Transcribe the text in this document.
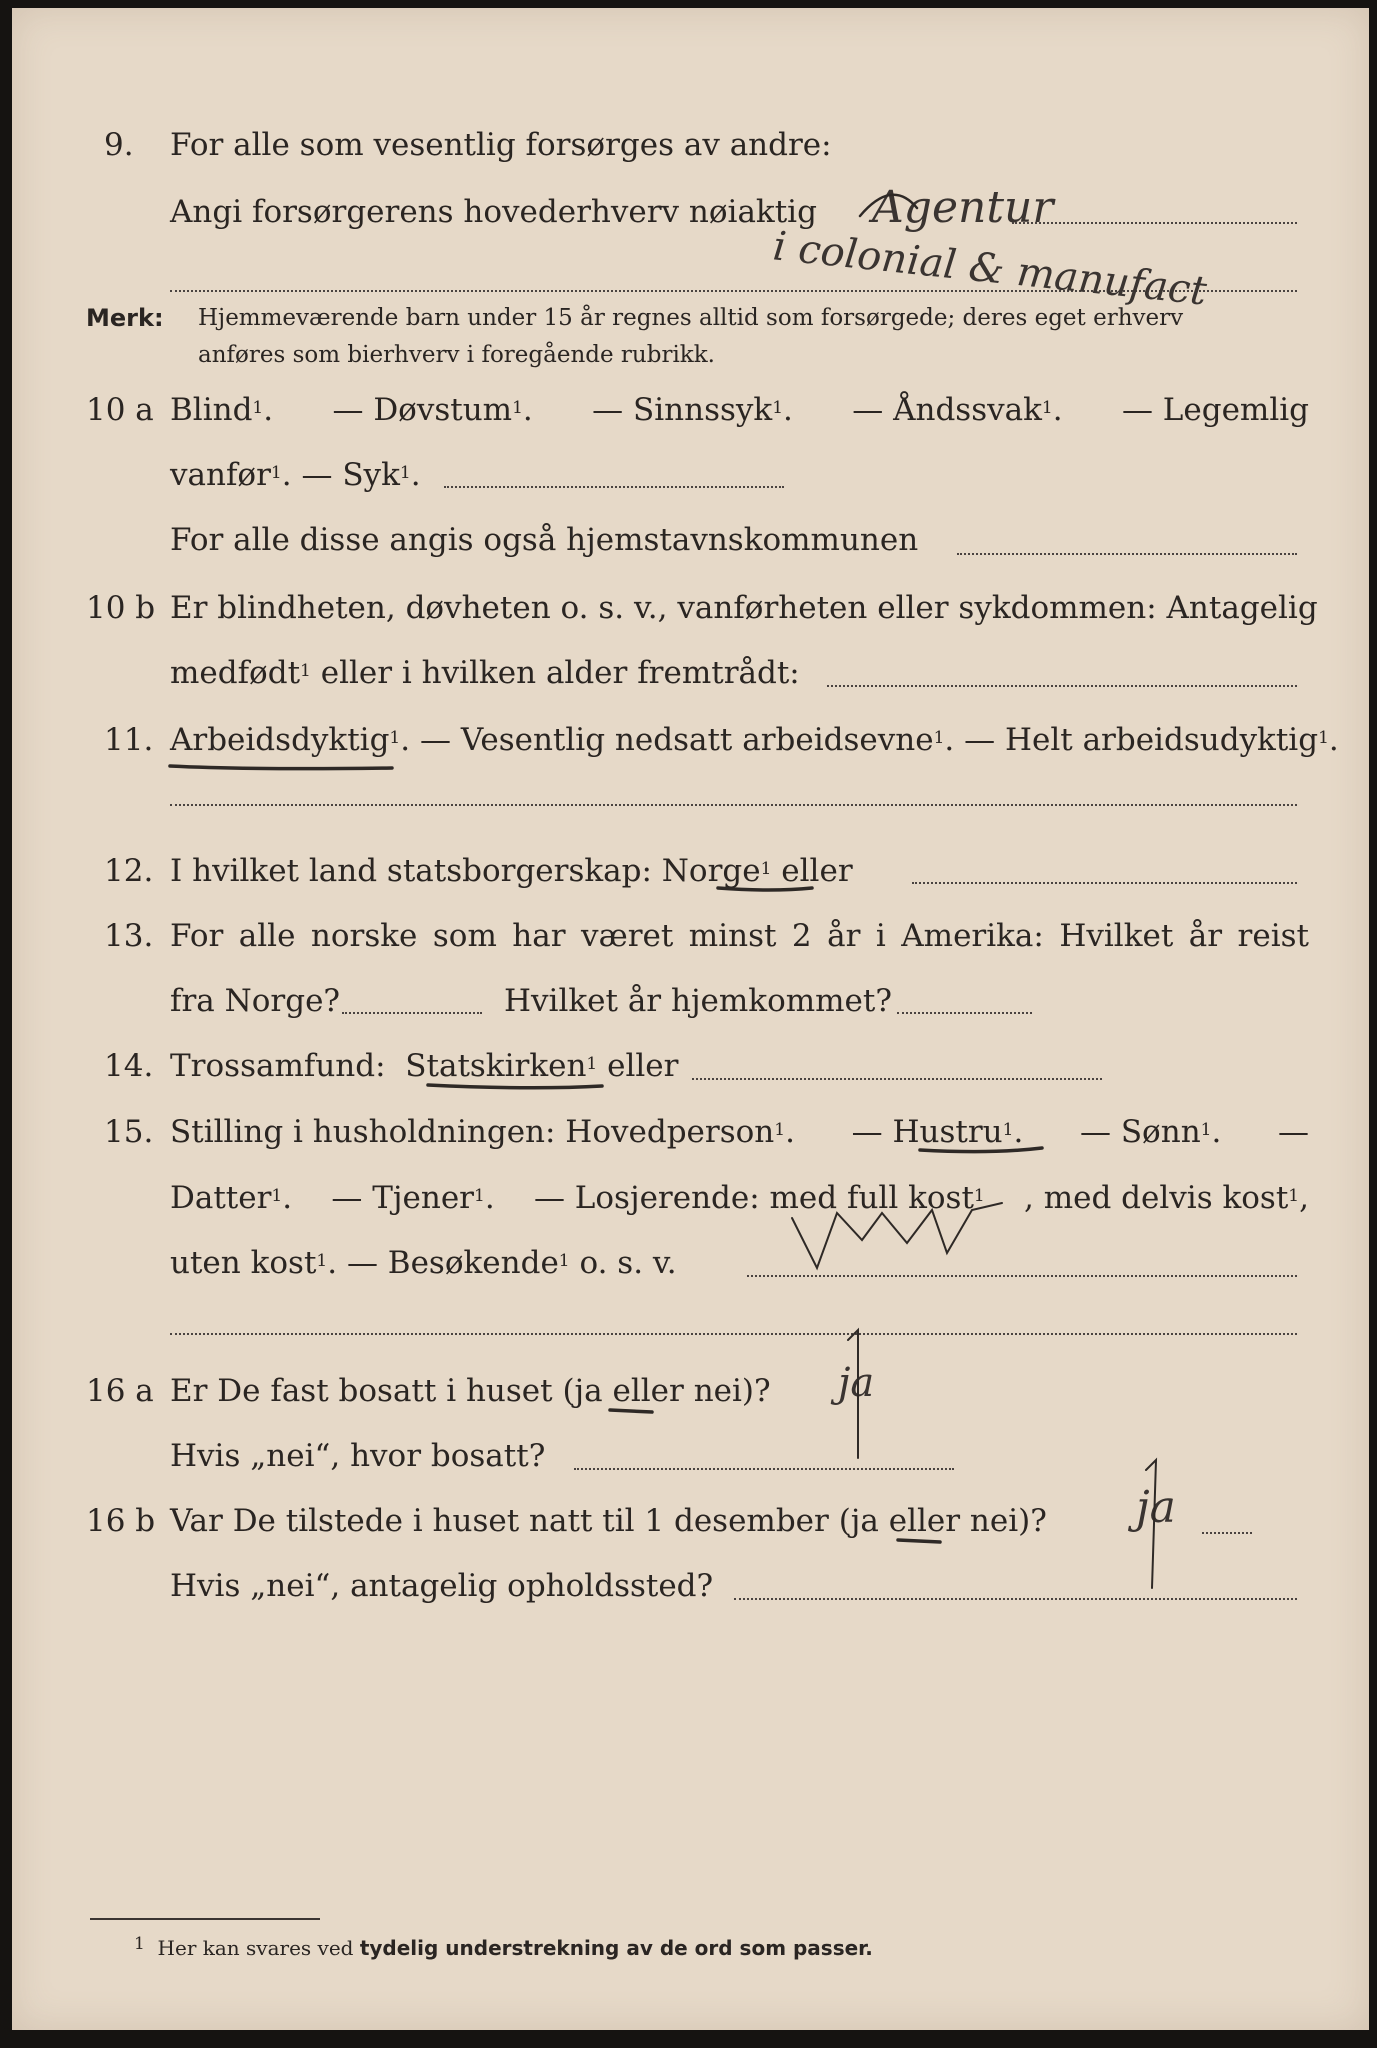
9. For alle som vesentlig forsørges av andre:
Angi forsørgerens hovederhverv nøiaktig Agentur
i colonial & manufact
Merk: Hjemmeværende barn under 15 år regnes alltid som forsørgede; deres eget erhverv
anføres som bierhverv i foregående rubrikk.
10 a Blind$^1$. — Døvstum$^1$. — Sinnssyk$^1$. — Åndssvak$^1$. — Legemlig
vanfør$^1$. — Syk$^1$.
For alle disse angis også hjemstavnskommunen
10 b Er blindheten, døvheten o. s. v., vanførheten eller sykdommen: Antagelig
medfødt$^1$ eller i hvilken alder fremtrådt:
11. Arbeidsdyktig$^1$. — Vesentlig nedsatt arbeidsevne$^1$. — Helt arbeidsudyktig$^1$.
12. I hvilket land statsborgerskap: Norge$^1$ eller
13. For alle norske som har været minst 2 år i Amerika: Hvilket år reist
fra Norge?	Hvilket år hjemkommet?
14. Trossamfund: Statskirken$^1$ eller
15. Stilling i husholdningen: Hovedperson$^1$. — Hustru$^1$. — Sønn$^1$. —
Datter$^1$. — Tjener$^1$. — Losjerende: med full kost$^1$ , med delvis kost$^1$,
uten kost$^1$. — Besøkende$^1$ o. s. v.
16 a Er De fast bosatt i huset (ja eller nei)? ja
Hvis „nei“, hvor bosatt?
16 b Var De tilstede i huset natt til 1 desember (ja eller nei)? ja
Hvis „nei“, antagelig opholdssted?
$^1$ Her kan svares ved tydelig understrekning av de ord som passer.
